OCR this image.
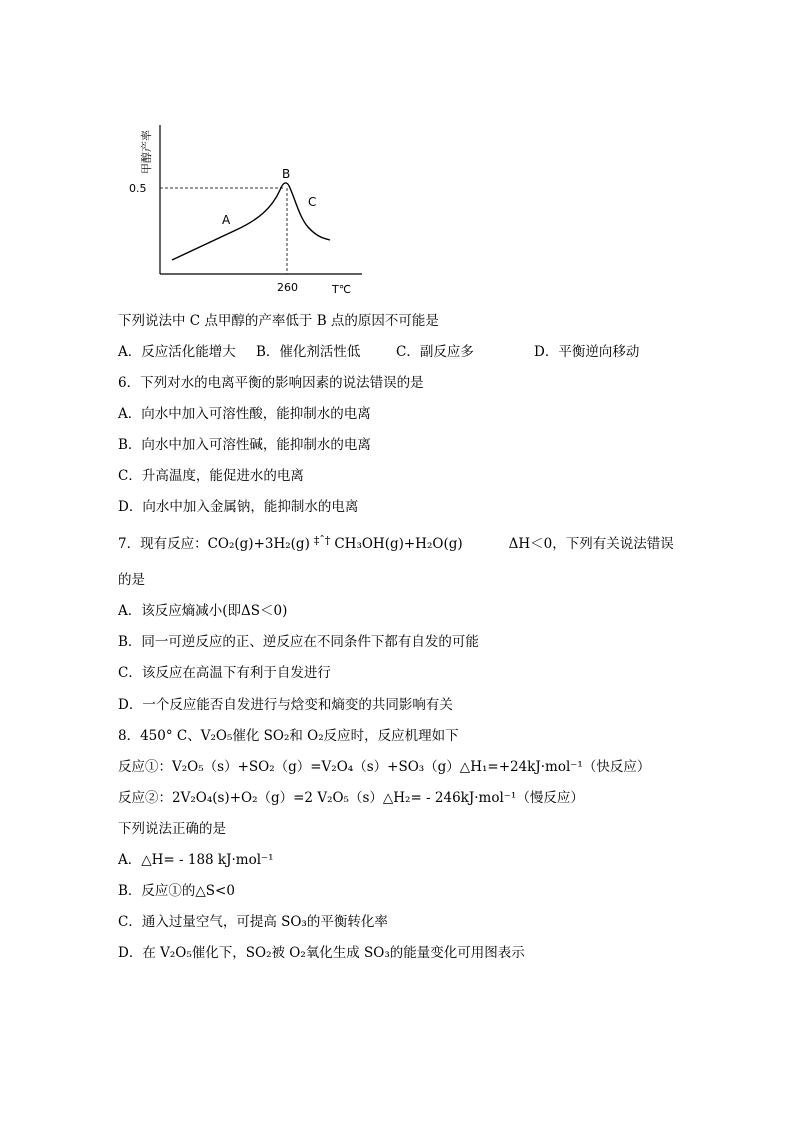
甲醇产率
0.5
260	T℃
A
B
C
下列说法中 C 点甲醇的产率低于 B 点的原因不可能是
A．反应活化能增大 B．催化剂活性低	C．副反应多	D．平衡逆向移动
6．下列对水的电离平衡的影响因素的说法错误的是
A．向水中加入可溶性酸，能抑制水的电离
B．向水中加入可溶性碱，能抑制水的电离
C．升高温度，能促进水的电离
D．向水中加入金属钠，能抑制水的电离
7．现有反应：CO₂(g)+3H₂(g) $^{\ddagger ˆ\dagger}$ CH₃OH(g)+H₂O(g)	ΔH＜0，下列有关说法错误
的是
A．该反应熵减小(即ΔS＜0)
B．同一可逆反应的正、逆反应在不同条件下都有自发的可能
C．该反应在高温下有利于自发进行
D．一个反应能否自发进行与焓变和熵变的共同影响有关
8．450° C、V₂O₅催化 SO₂和 O₂反应时，反应机理如下
反应①：V₂O₅（s）+SO₂（g）=V₂O₄（s）+SO₃（g）△H₁=+24kJ·mol⁻¹（快反应）
反应②：2V₂O₄(s)+O₂（g）=2 V₂O₅（s）△H₂= - 246kJ·mol⁻¹（慢反应）
下列说法正确的是
A．△H= - 188 kJ·mol⁻¹
B．反应①的△S<0
C．通入过量空气，可提高 SO₃的平衡转化率
D．在 V₂O₅催化下，SO₂被 O₂氧化生成 SO₃的能量变化可用图表示
